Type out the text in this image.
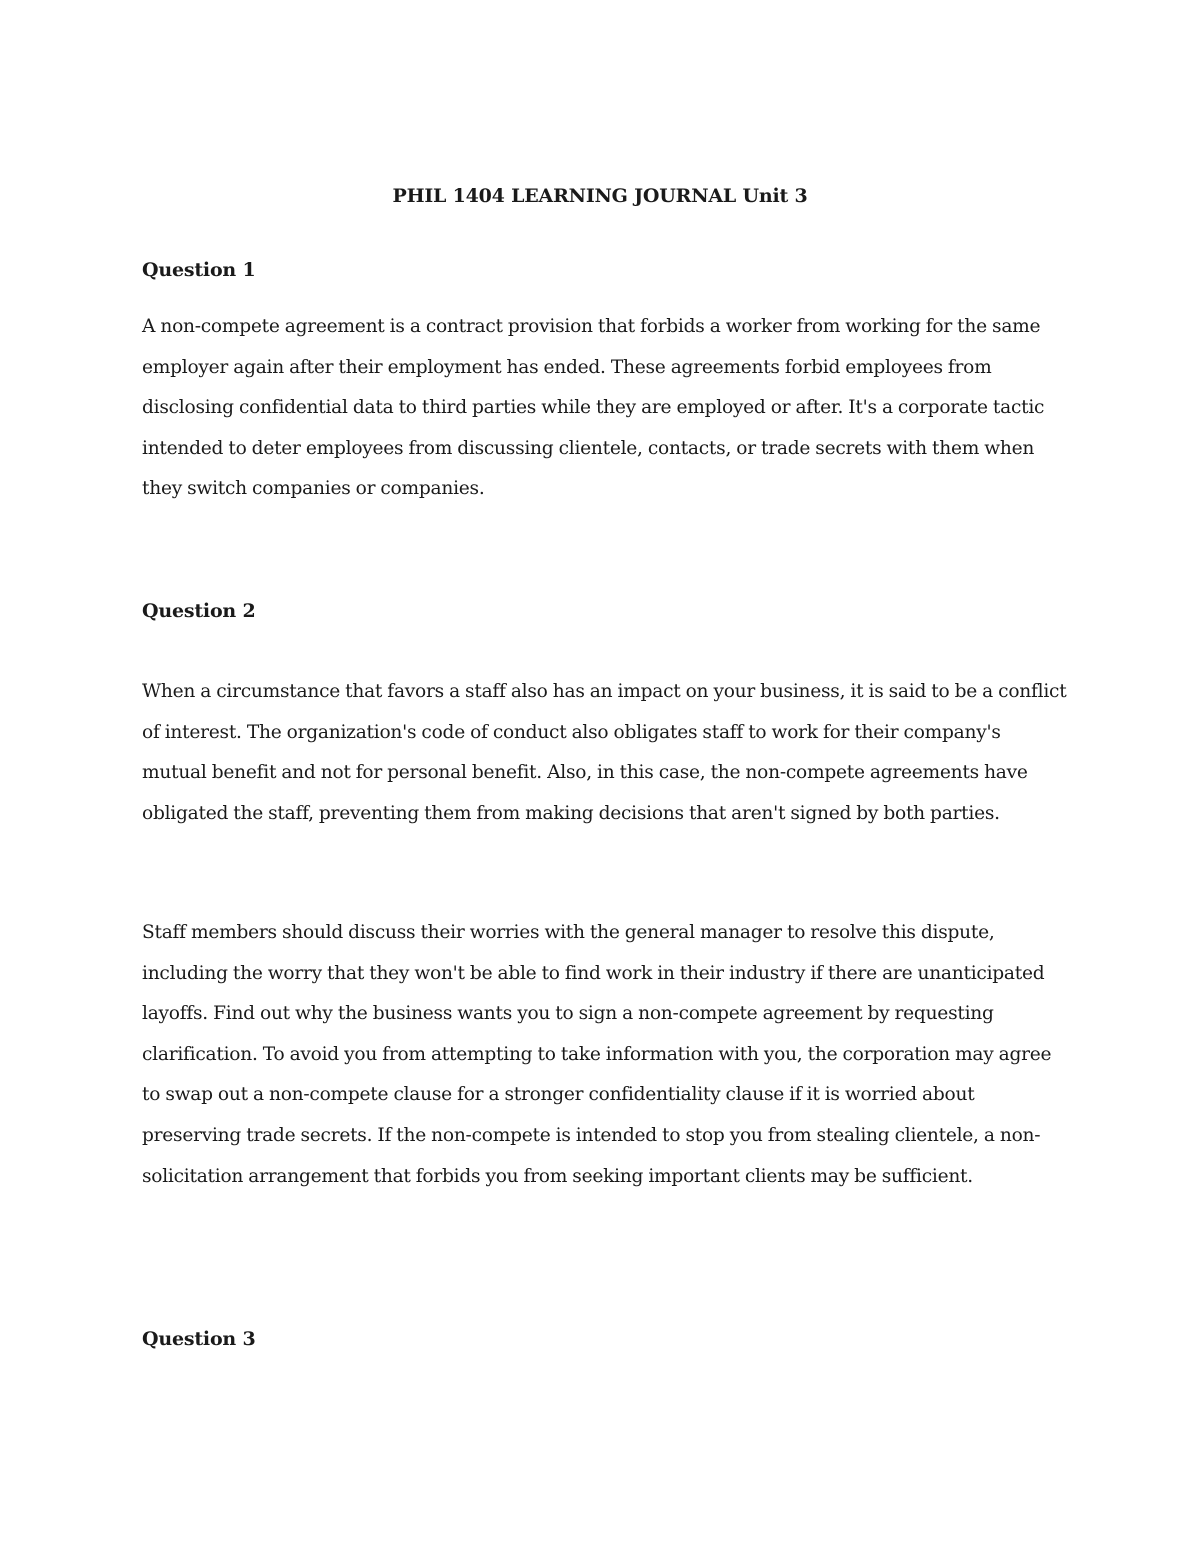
PHIL 1404 LEARNING JOURNAL Unit 3
Question 1

A non-compete agreement is a contract provision that forbids a worker from working for the same employer again after their employment has ended. These agreements forbid employees from disclosing confidential data to third parties while they are employed or after. It's a corporate tactic intended to deter employees from discussing clientele, contacts, or trade secrets with them when they switch companies or companies.

Question 2

When a circumstance that favors a staff also has an impact on your business, it is said to be a conflict of interest. The organization's code of conduct also obligates staff to work for their company's mutual benefit and not for personal benefit. Also, in this case, the non-compete agreements have obligated the staff, preventing them from making decisions that aren't signed by both parties.

Staff members should discuss their worries with the general manager to resolve this dispute, including the worry that they won't be able to find work in their industry if there are unanticipated layoffs. Find out why the business wants you to sign a non-compete agreement by requesting clarification. To avoid you from attempting to take information with you, the corporation may agree to swap out a non-compete clause for a stronger confidentiality clause if it is worried about preserving trade secrets. If the non-compete is intended to stop you from stealing clientele, a non-solicitation arrangement that forbids you from seeking important clients may be sufficient.

Question 3
